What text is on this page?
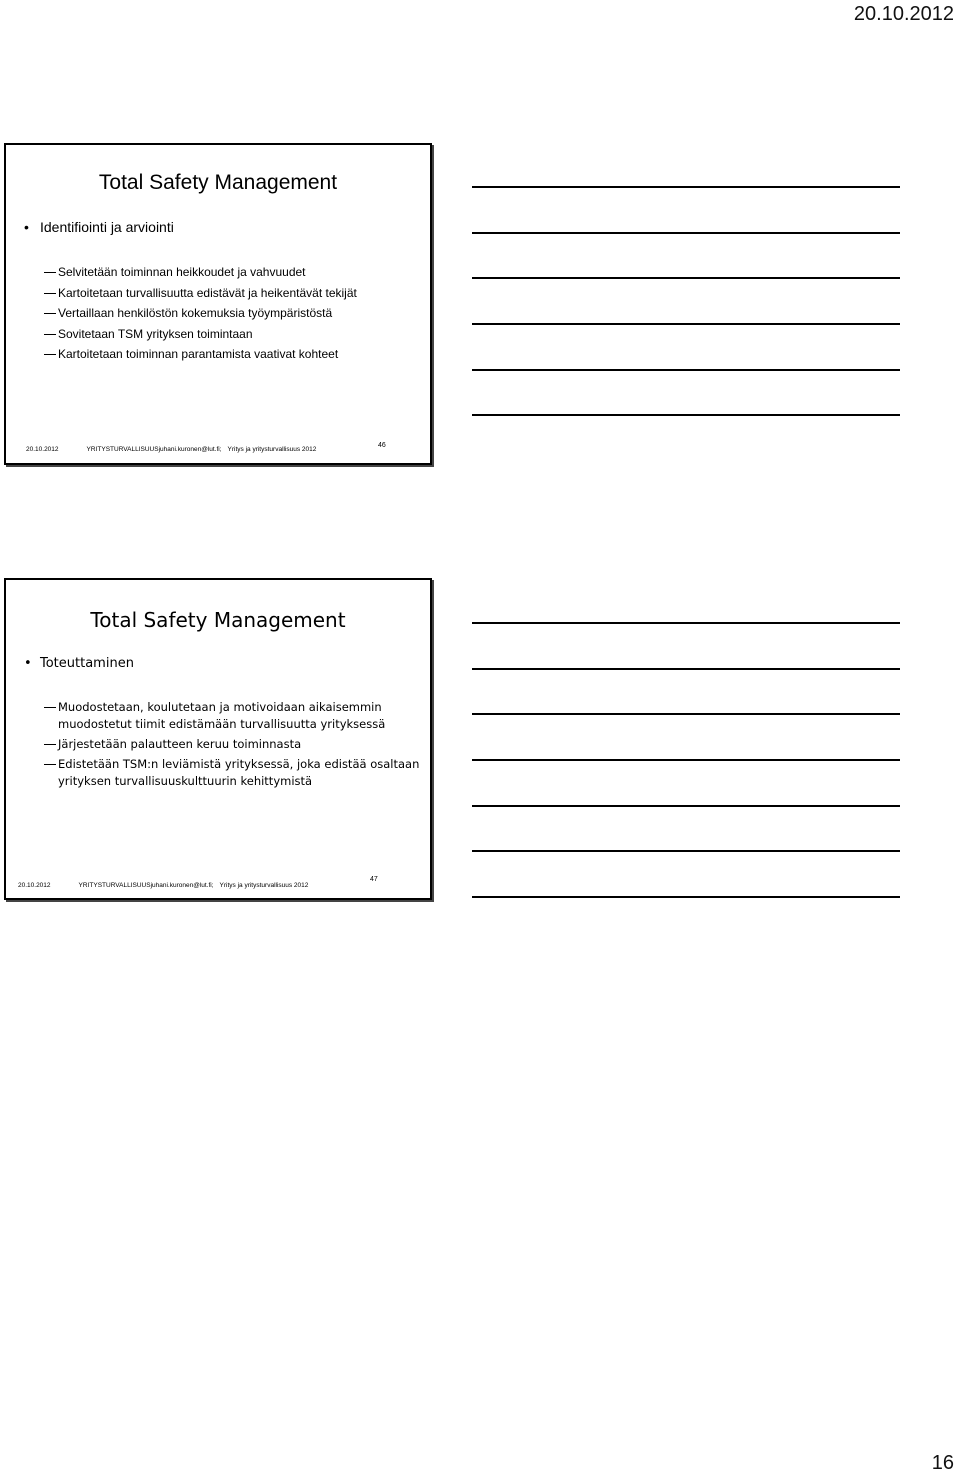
20.10.2012
Total Safety Management
• Identifiointi ja arviointi
Selvitetään toiminnan heikkoudet ja vahvuudet
Kartoitetaan turvallisuutta edistävät ja heikentävät tekijät
Vertaillaan henkilöstön kokemuksia työympäristöstä
Sovitetaan TSM yrityksen toimintaan
Kartoitetaan toiminnan parantamista vaativat kohteet
20.10.2012	YRITYSTURVALLISUUSjuhani.kuronen@lut.fi; Yritys ja yritysturvallisuus 2012
46
Total Safety Management
• Toteuttaminen
Muodostetaan, koulutetaan ja motivoidaan aikaisemmin muodostetut tiimit edistämään turvallisuutta yrityksessä
Järjestetään palautteen keruu toiminnasta
Edistetään TSM:n leviämistä yrityksessä, joka edistää osaltaan yrityksen turvallisuuskulttuurin kehittymistä
20.10.2012	YRITYSTURVALLISUUSjuhani.kuronen@lut.fi; Yritys ja yritysturvallisuus 2012
47
16
